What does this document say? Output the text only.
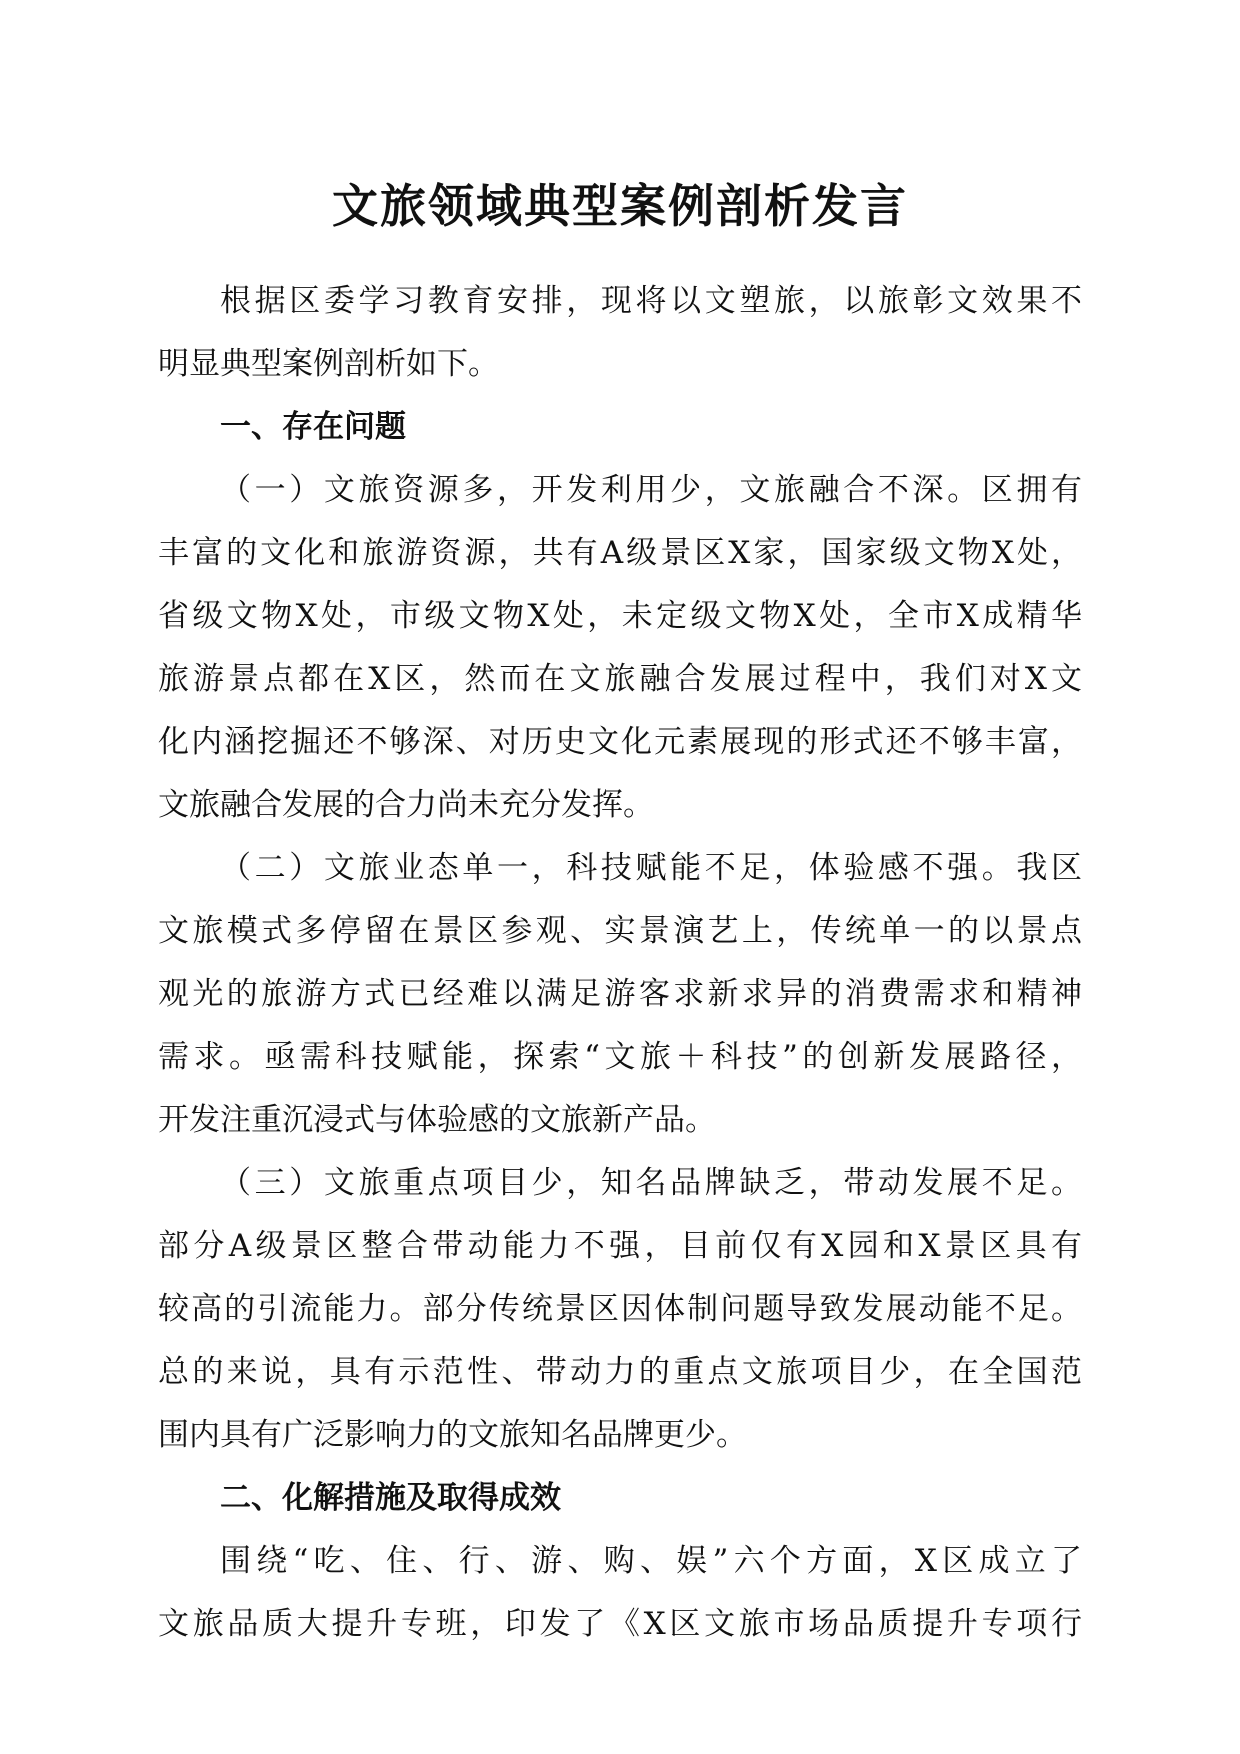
文旅领域典型案例剖析发言
根据区委学习教育安排，现将以文塑旅，以旅彰文效果不
明显典型案例剖析如下。
一、存在问题
（一）文旅资源多，开发利用少，文旅融合不深。区拥有
丰富的文化和旅游资源，共有A级景区X家，国家级文物X处，
省级文物X处，市级文物X处，未定级文物X处，全市X成精华
旅游景点都在X区，然而在文旅融合发展过程中，我们对X文
化内涵挖掘还不够深、对历史文化元素展现的形式还不够丰富，
文旅融合发展的合力尚未充分发挥。
（二）文旅业态单一，科技赋能不足，体验感不强。我区
文旅模式多停留在景区参观、实景演艺上，传统单一的以景点
观光的旅游方式已经难以满足游客求新求异的消费需求和精神
需求。亟需科技赋能，探索“文旅＋科技”的创新发展路径，
开发注重沉浸式与体验感的文旅新产品。
（三）文旅重点项目少，知名品牌缺乏，带动发展不足。
部分A级景区整合带动能力不强，目前仅有X园和X景区具有
较高的引流能力。部分传统景区因体制问题导致发展动能不足。
总的来说，具有示范性、带动力的重点文旅项目少，在全国范
围内具有广泛影响力的文旅知名品牌更少。
二、化解措施及取得成效
围绕“吃、住、行、游、购、娱”六个方面，X区成立了
文旅品质大提升专班，印发了《X区文旅市场品质提升专项行
